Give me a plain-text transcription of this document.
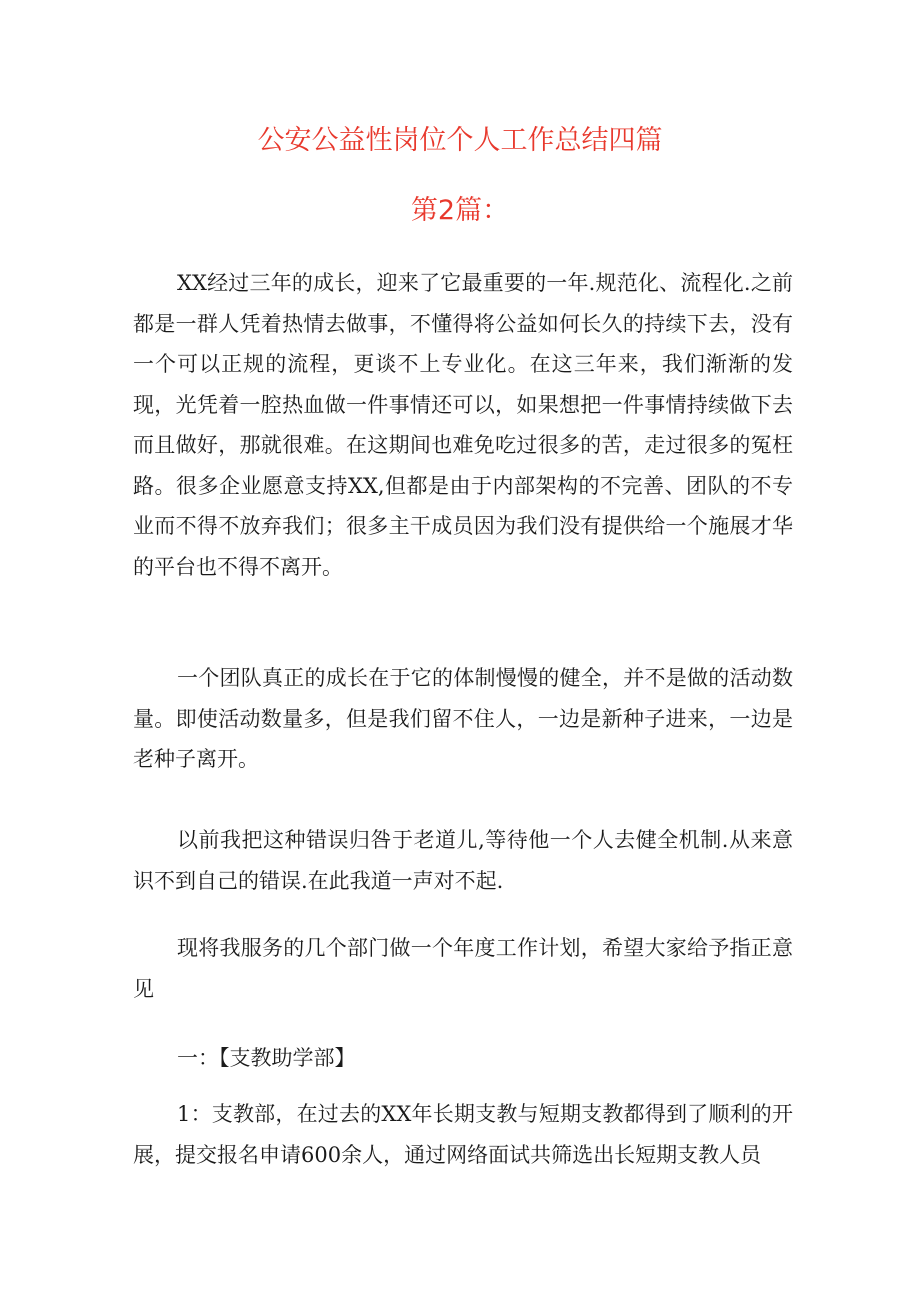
公安公益性岗位个人工作总结四篇
第2篇：

XX经过三年的成长，迎来了它最重要的一年.规范化、流程化.之前都是一群人凭着热情去做事，不懂得将公益如何长久的持续下去，没有一个可以正规的流程，更谈不上专业化。在这三年来，我们渐渐的发现，光凭着一腔热血做一件事情还可以，如果想把一件事情持续做下去而且做好，那就很难。在这期间也难免吃过很多的苦，走过很多的冤枉路。很多企业愿意支持XX,但都是由于内部架构的不完善、团队的不专业而不得不放弃我们；很多主干成员因为我们没有提供给一个施展才华的平台也不得不离开。

一个团队真正的成长在于它的体制慢慢的健全，并不是做的活动数量。即使活动数量多，但是我们留不住人，一边是新种子进来，一边是老种子离开。

以前我把这种错误归咎于老道儿,等待他一个人去健全机制.从来意识不到自己的错误.在此我道一声对不起.

现将我服务的几个部门做一个年度工作计划，希望大家给予指正意见

一：【支教助学部】

1：支教部，在过去的XX年长期支教与短期支教都得到了顺利的开展，提交报名申请600余人，通过网络面试共筛选出长短期支教人员
